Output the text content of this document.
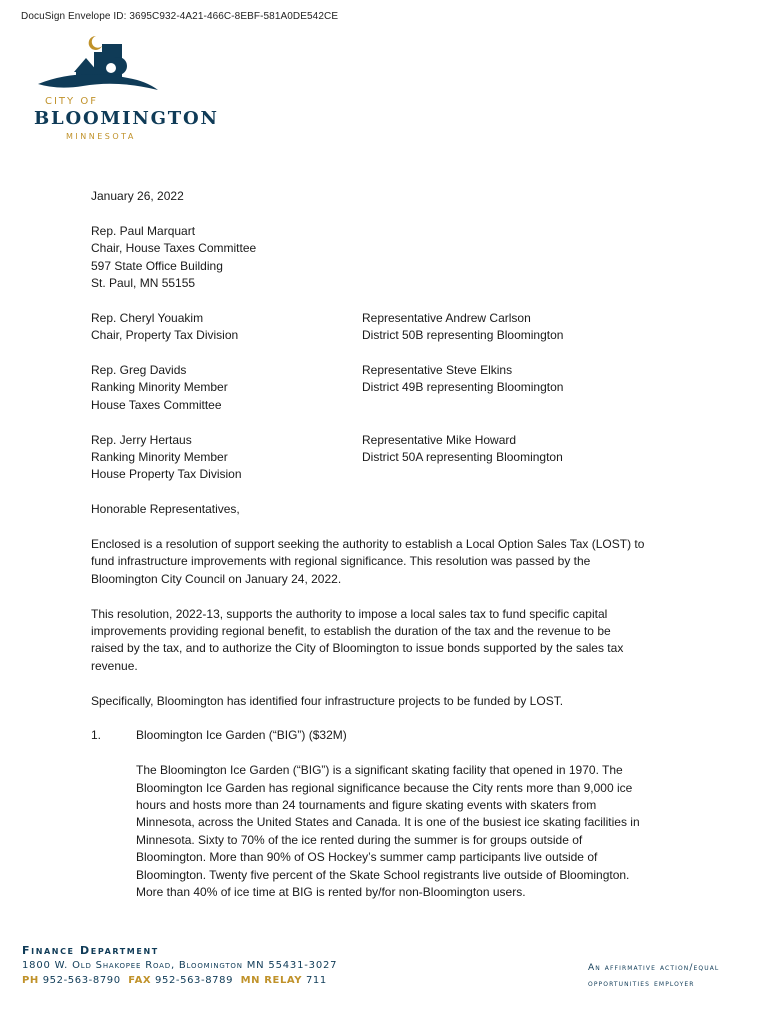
DocuSign Envelope ID: 3695C932-4A21-466C-8EBF-581A0DE542CE
CITY OF
BLOOMINGTON
MINNESOTA

January 26, 2022

Rep. Paul Marquart

Chair, House Taxes Committee

597 State Office Building

St. Paul, MN 55155

Rep. Cheryl Youakim

Chair, Property Tax Division

Representative Andrew Carlson

District 50B representing Bloomington

Rep. Greg Davids

Ranking Minority Member

House Taxes Committee

Representative Steve Elkins

District 49B representing Bloomington

Rep. Jerry Hertaus

Ranking Minority Member

House Property Tax Division

Representative Mike Howard

District 50A representing Bloomington

Honorable Representatives,

Enclosed is a resolution of support seeking the authority to establish a Local Option Sales Tax (LOST) to

fund infrastructure improvements with regional significance. This resolution was passed by the

Bloomington City Council on January 24, 2022.

This resolution, 2022-13, supports the authority to impose a local sales tax to fund specific capital

improvements providing regional benefit, to establish the duration of the tax and the revenue to be

raised by the tax, and to authorize the City of Bloomington to issue bonds supported by the sales tax

revenue.

Specifically, Bloomington has identified four infrastructure projects to be funded by LOST.

1.	Bloomington Ice Garden (“BIG”) ($32M)

The Bloomington Ice Garden (“BIG”) is a significant skating facility that opened in 1970. The

Bloomington Ice Garden has regional significance because the City rents more than 9,000 ice

hours and hosts more than 24 tournaments and figure skating events with skaters from

Minnesota, across the United States and Canada. It is one of the busiest ice skating facilities in

Minnesota. Sixty to 70% of the ice rented during the summer is for groups outside of

Bloomington. More than 90% of OS Hockey’s summer camp participants live outside of

Bloomington. Twenty five percent of the Skate School registrants live outside of Bloomington.

More than 40% of ice time at BIG is rented by/for non-Bloomington users.

Finance Department
1800 W. Old Shakopee Road, Bloomington MN 55431-3027
PH 952-563-8790 FAX 952-563-8789 MN RELAY 711
An affirmative action/equal
opportunities employer
